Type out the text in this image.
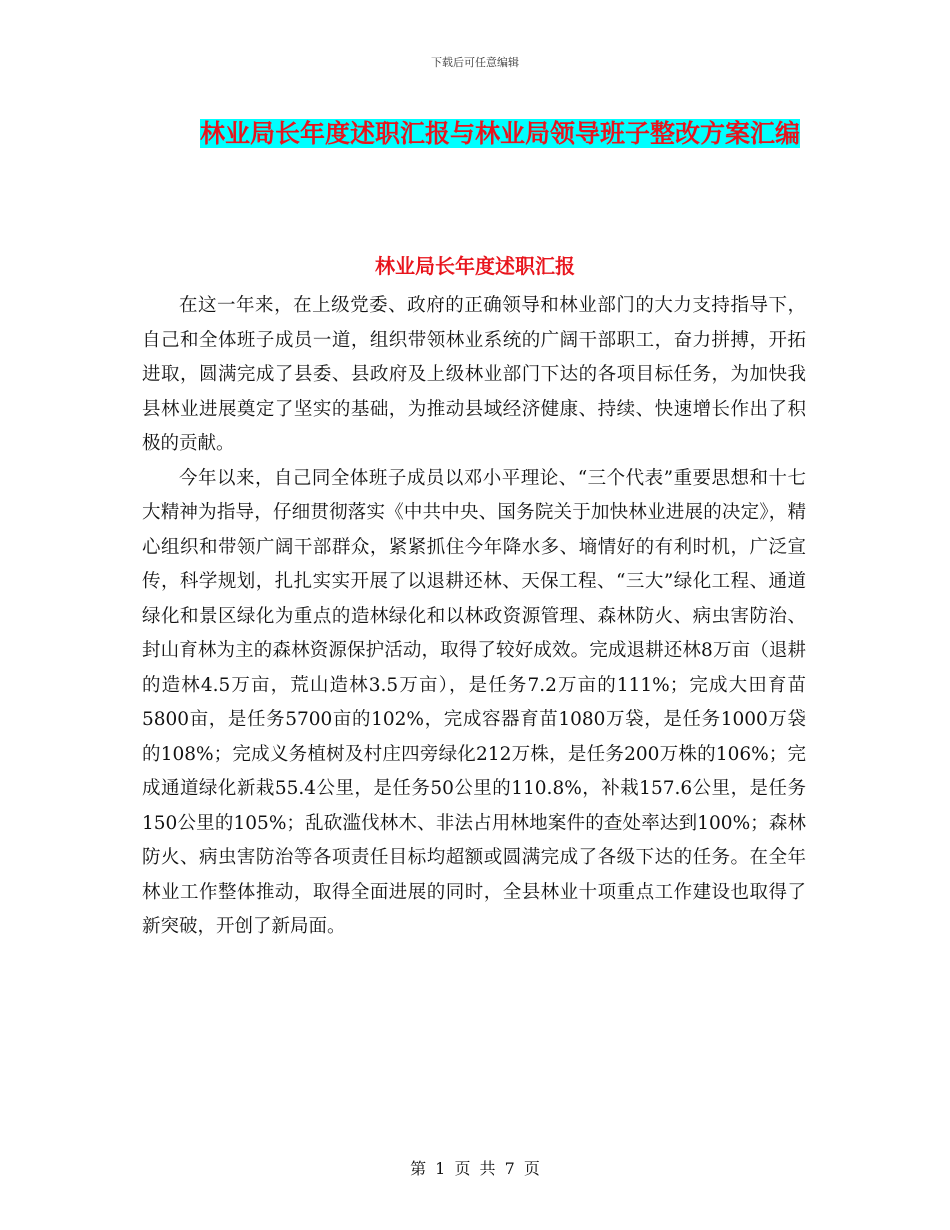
下载后可任意编辑
林业局长年度述职汇报与林业局领导班子整改方案汇编
林业局长年度述职汇报

在这一年来，在上级党委、政府的正确领导和林业部门的大力支持指导下，自己和全体班子成员一道，组织带领林业系统的广阔干部职工，奋力拼搏，开拓进取，圆满完成了县委、县政府及上级林业部门下达的各项目标任务，为加快我县林业进展奠定了坚实的基础，为推动县域经济健康、持续、快速增长作出了积极的贡献。

今年以来，自己同全体班子成员以邓小平理论、“三个代表”重要思想和十七大精神为指导，仔细贯彻落实《中共中央、国务院关于加快林业进展的决定》，精心组织和带领广阔干部群众，紧紧抓住今年降水多、墒情好的有利时机，广泛宣传，科学规划，扎扎实实开展了以退耕还林、天保工程、“三大”绿化工程、通道绿化和景区绿化为重点的造林绿化和以林政资源管理、森林防火、病虫害防治、封山育林为主的森林资源保护活动，取得了较好成效。完成退耕还林8万亩（退耕的造林4.5万亩，荒山造林3.5万亩），是任务7.2万亩的111%；完成大田育苗5800亩，是任务5700亩的102%，完成容器育苗1080万袋，是任务1000万袋的108%；完成义务植树及村庄四旁绿化212万株，是任务200万株的106%；完成通道绿化新栽55.4公里，是任务50公里的110.8%，补栽157.6公里，是任务150公里的105%；乱砍滥伐林木、非法占用林地案件的查处率达到100%；森林防火、病虫害防治等各项责任目标均超额或圆满完成了各级下达的任务。在全年林业工作整体推动，取得全面进展的同时，全县林业十项重点工作建设也取得了新突破，开创了新局面。

第 1 页 共 7 页
